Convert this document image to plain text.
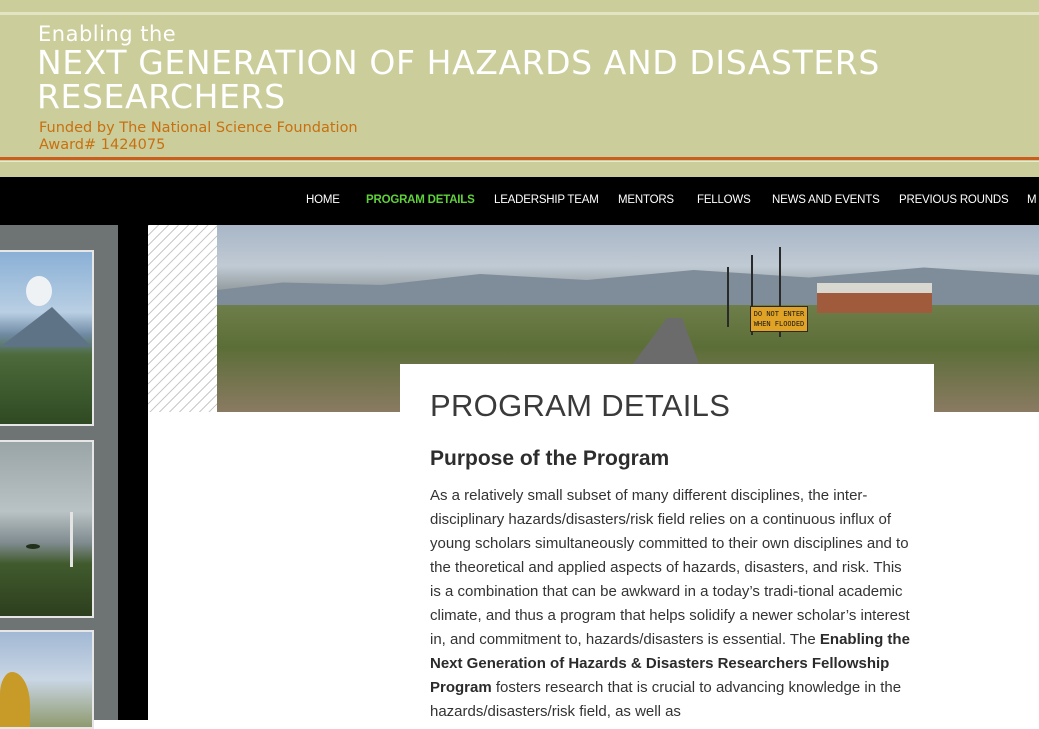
Enabling the
NEXT GENERATION OF HAZARDS AND DISASTERS RESEARCHERS
Funded by The National Science Foundation
Award# 1424075
HOME PROGRAM DETAILS LEADERSHIP TEAM MENTORS FELLOWS NEWS AND EVENTS PREVIOUS ROUNDS M
DO NOT ENTER WHEN FLOODED
PROGRAM DETAILS
Purpose of the Program

As a relatively small subset of many different disciplines, the inter-disciplinary hazards/disasters/risk field relies on a continuous influx of young scholars simultaneously committed to their own disciplines and to the theoretical and applied aspects of hazards, disasters, and risk. This is a combination that can be awkward in a today’s tradi-tional academic climate, and thus a program that helps solidify a newer scholar’s interest in, and commitment to, hazards/disasters is essential. The Enabling the Next Generation of Hazards & Disasters Researchers Fellowship Program fosters research that is crucial to advancing knowledge in the hazards/disasters/risk field, as well as
